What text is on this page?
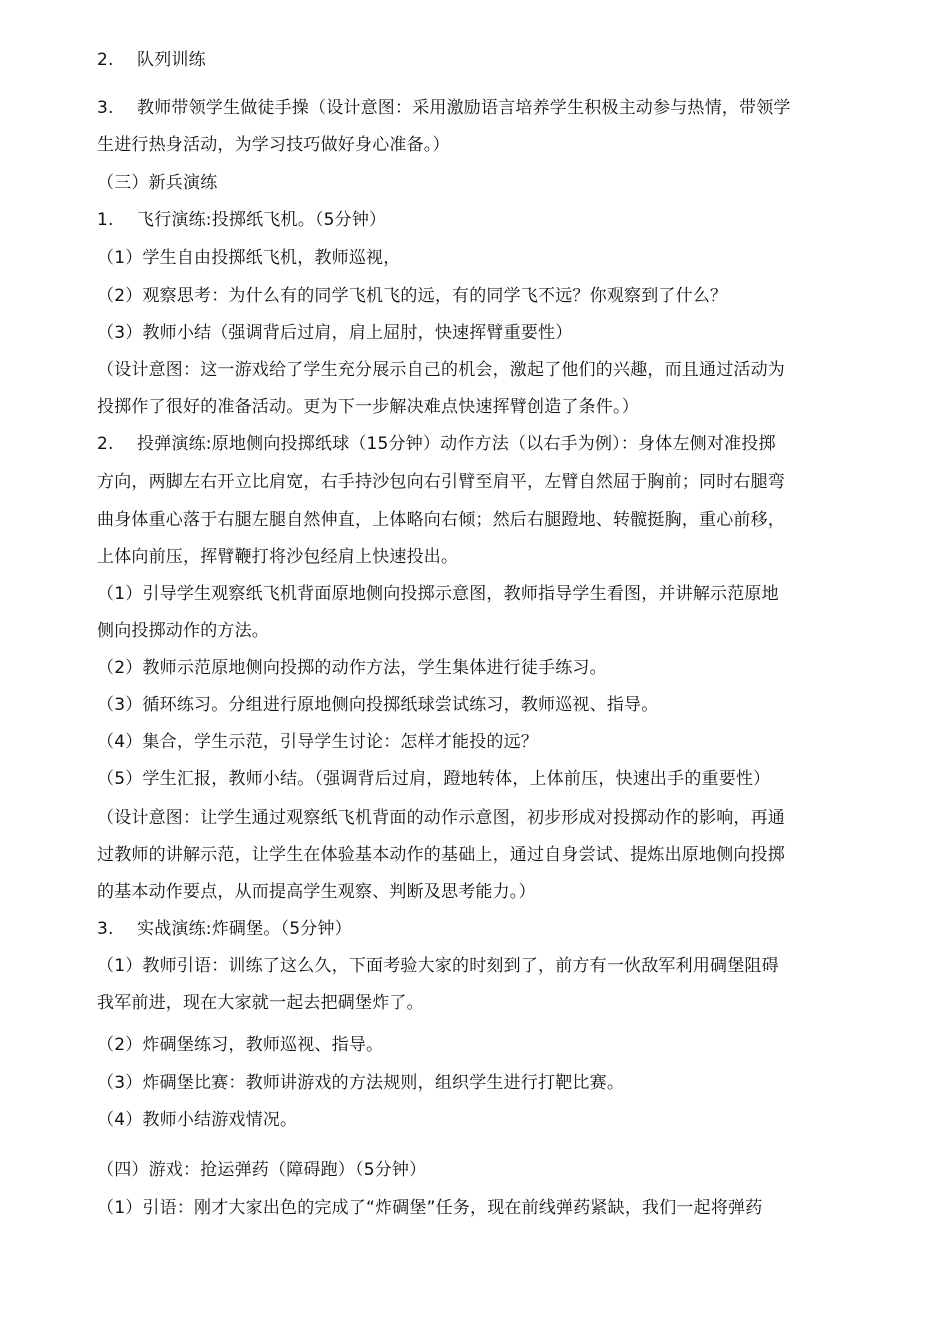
2. 队列训练
3. 教师带领学生做徒手操（设计意图：采用激励语言培养学生积极主动参与热情，带领学
生进行热身活动，为学习技巧做好身心准备。）
（三）新兵演练
1. 飞行演练:投掷纸飞机。（5分钟）
（1）学生自由投掷纸飞机，教师巡视，
（2）观察思考：为什么有的同学飞机飞的远，有的同学飞不远？你观察到了什么？
（3）教师小结（强调背后过肩，肩上屈肘，快速挥臂重要性）
（设计意图：这一游戏给了学生充分展示自己的机会，激起了他们的兴趣，而且通过活动为
投掷作了很好的准备活动。更为下一步解决难点快速挥臂创造了条件。）
2. 投弹演练:原地侧向投掷纸球（15分钟）动作方法（以右手为例）：身体左侧对准投掷
方向，两脚左右开立比肩宽，右手持沙包向右引臂至肩平，左臂自然屈于胸前；同时右腿弯
曲身体重心落于右腿左腿自然伸直，上体略向右倾；然后右腿蹬地、转髋挺胸，重心前移，
上体向前压，挥臂鞭打将沙包经肩上快速投出。
（1）引导学生观察纸飞机背面原地侧向投掷示意图，教师指导学生看图，并讲解示范原地
侧向投掷动作的方法。
（2）教师示范原地侧向投掷的动作方法，学生集体进行徒手练习。
（3）循环练习。分组进行原地侧向投掷纸球尝试练习，教师巡视、指导。
（4）集合，学生示范，引导学生讨论：怎样才能投的远？
（5）学生汇报，教师小结。（强调背后过肩，蹬地转体，上体前压，快速出手的重要性）
（设计意图：让学生通过观察纸飞机背面的动作示意图，初步形成对投掷动作的影响，再通
过教师的讲解示范，让学生在体验基本动作的基础上，通过自身尝试、提炼出原地侧向投掷
的基本动作要点，从而提高学生观察、判断及思考能力。）
3. 实战演练:炸碉堡。（5分钟）
（1）教师引语：训练了这么久，下面考验大家的时刻到了，前方有一伙敌军利用碉堡阻碍
我军前进，现在大家就一起去把碉堡炸了。
（2）炸碉堡练习，教师巡视、指导。
（3）炸碉堡比赛：教师讲游戏的方法规则，组织学生进行打靶比赛。
（4）教师小结游戏情况。
（四）游戏：抢运弹药（障碍跑）（5分钟）
（1）引语：刚才大家出色的完成了“炸碉堡”任务，现在前线弹药紧缺，我们一起将弹药
